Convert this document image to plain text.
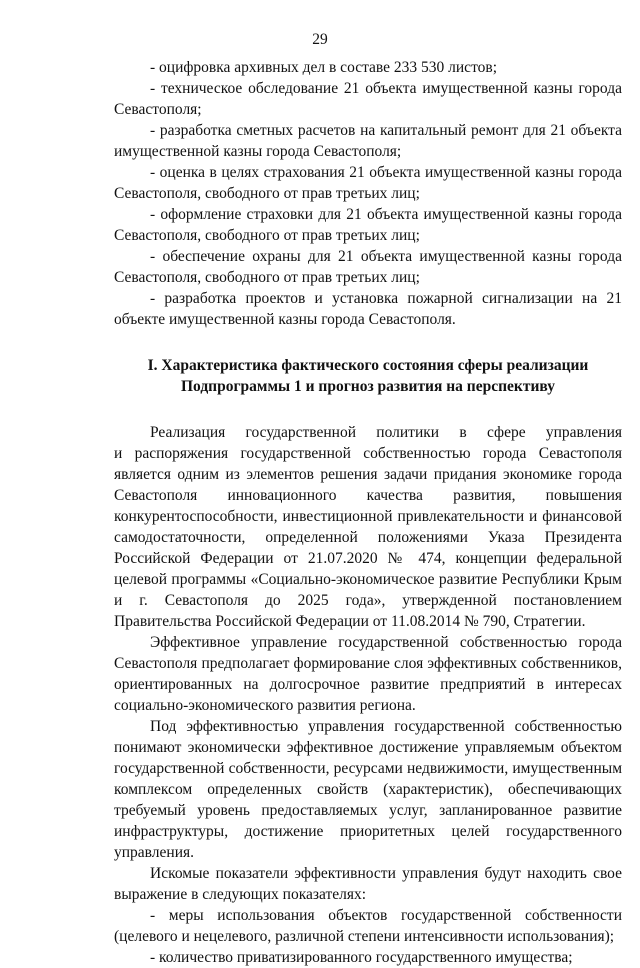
29
- оцифровка архивных дел в составе 233 530 листов;
- техническое обследование 21 объекта имущественной казны города
Севастополя;
- разработка сметных расчетов на капитальный ремонт для 21 объекта
имущественной казны города Севастополя;
- оценка в целях страхования 21 объекта имущественной казны города
Севастополя, свободного от прав третьих лиц;
- оформление страховки для 21 объекта имущественной казны города
Севастополя, свободного от прав третьих лиц;
- обеспечение охраны для 21 объекта имущественной казны города
Севастополя, свободного от прав третьих лиц;
- разработка проектов и установка пожарной сигнализации на 21
объекте имущественной казны города Севастополя.
I. Характеристика фактического состояния сферы реализации
Подпрограммы 1 и прогноз развития на перспективу
Реализация государственной политики в сфере управления
и распоряжения государственной собственностью города Севастополя
является одним из элементов решения задачи придания экономике города
Севастополя инновационного качества развития, повышения
конкурентоспособности, инвестиционной привлекательности и финансовой
самодостаточности, определенной положениями Указа Президента
Российской Федерации от 21.07.2020 № 474, концепции федеральной
целевой программы «Социально-экономическое развитие Республики Крым
и г. Севастополя до 2025 года», утвержденной постановлением
Правительства Российской Федерации от 11.08.2014 № 790, Стратегии.
Эффективное управление государственной собственностью города
Севастополя предполагает формирование слоя эффективных собственников,
ориентированных на долгосрочное развитие предприятий в интересах
социально-экономического развития региона.
Под эффективностью управления государственной собственностью
понимают экономически эффективное достижение управляемым объектом
государственной собственности, ресурсами недвижимости, имущественным
комплексом определенных свойств (характеристик), обеспечивающих
требуемый уровень предоставляемых услуг, запланированное развитие
инфраструктуры, достижение приоритетных целей государственного
управления.
Искомые показатели эффективности управления будут находить свое
выражение в следующих показателях:
- меры использования объектов государственной собственности
(целевого и нецелевого, различной степени интенсивности использования);
- количество приватизированного государственного имущества;
